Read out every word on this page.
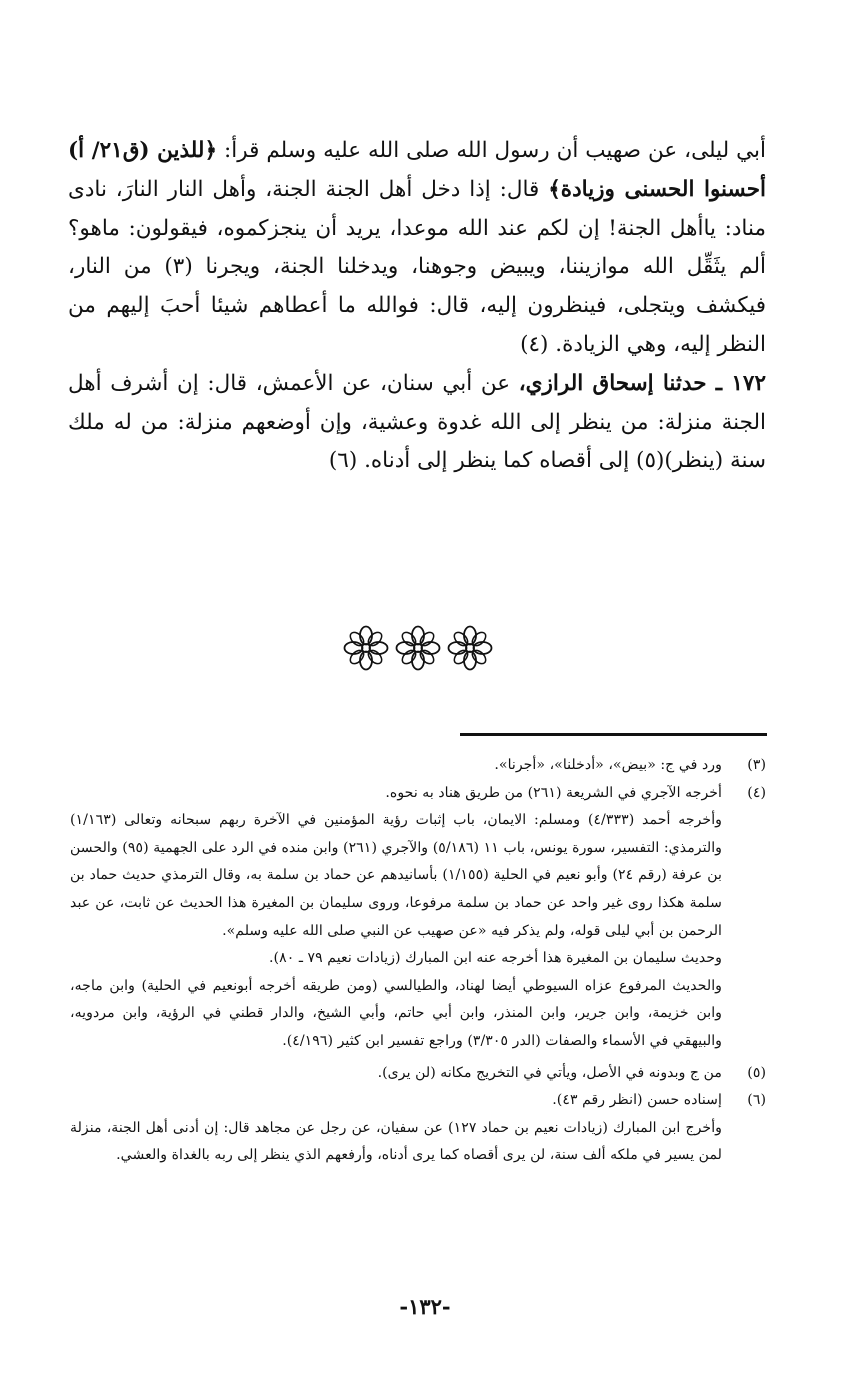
أبي ليلى، عن صهيب أن رسول الله صلى الله عليه وسلم قرأ: ﴿للذين (ق٢١/ أ) أحسنوا الحسنى وزيادة﴾ قال: إذا دخل أهل الجنة الجنة، وأهل النار النارَ، نادى مناد: ياأهل الجنة! إن لكم عند الله موعدا، يريد أن ينجزكموه، فيقولون: ماهو؟ ألم يثَقِّل الله موازيننا، ويبيض وجوهنا، ويدخلنا الجنة، ويجرنا (٣) من النار، فيكشف ويتجلى، فينظرون إليه، قال: فوالله ما أعطاهم شيئا أحبَ إليهم من النظر إليه، وهي الزيادة. (٤)

١٧٢ ـ حدثنا إسحاق الرازي، عن أبي سنان، عن الأعمش، قال: إن أشرف أهل الجنة منزلة: من ينظر إلى الله غدوة وعشية، وإن أوضعهم منزلة: من له ملك سنة (ينظر)(٥) إلى أقصاه كما ينظر إلى أدناه. (٦)

(٣)
ورد في ج: «بيض»، «أدخلنا»، «أجرنا».
(٤)
أخرجه الآجري في الشريعة (٢٦١) من طريق هناد به نحوه.
وأخرجه أحمد (٤/٣٣٣) ومسلم: الايمان، باب إثبات رؤية المؤمنين في الآخرة ربهم سبحانه وتعالى (١/١٦٣) والترمذي: التفسير، سورة يونس، باب ١١ (٥/١٨٦) والآجري (٢٦١) وابن منده في الرد على الجهمية (٩٥) والحسن بن عرفة (رقم ٢٤) وأبو نعيم في الحلية (١/١٥٥) بأسانيدهم عن حماد بن سلمة به، وقال الترمذي حديث حماد بن سلمة هكذا روى غير واحد عن حماد بن سلمة مرفوعا، وروى سليمان بن المغيرة هذا الحديث عن ثابت، عن عبد الرحمن بن أبي ليلى قوله، ولم يذكر فيه «عن صهيب عن النبي صلى الله عليه وسلم».
وحديث سليمان بن المغيرة هذا أخرجه عنه ابن المبارك (زيادات نعيم ٧٩ ـ ٨٠).
والحديث المرفوع عزاه السيوطي أيضا لهناد، والطيالسي (ومن طريقه أخرجه أبونعيم في الحلية) وابن ماجه، وابن خزيمة، وابن جرير، وابن المنذر، وابن أبي حاتم، وأبي الشيخ، والدار قطني في الرؤية، وابن مردويه، والبيهقي في الأسماء والصفات (الدر ٣/٣٠٥) وراجع تفسير ابن كثير (٤/١٩٦).
(٥)
من ج وبدونه في الأصل، ويأتي في التخريج مكانه (لن يرى).
(٦)
إسناده حسن (انظر رقم ٤٣).
وأخرج ابن المبارك (زيادات نعيم بن حماد ١٢٧) عن سفيان، عن رجل عن مجاهد قال: إن أدنى أهل الجنة، منزلة لمن يسير في ملكه ألف سنة، لن يرى أقصاه كما يرى أدناه، وأرفعهم الذي ينظر إلى ربه بالغداة والعشي.
-١٣٢-
